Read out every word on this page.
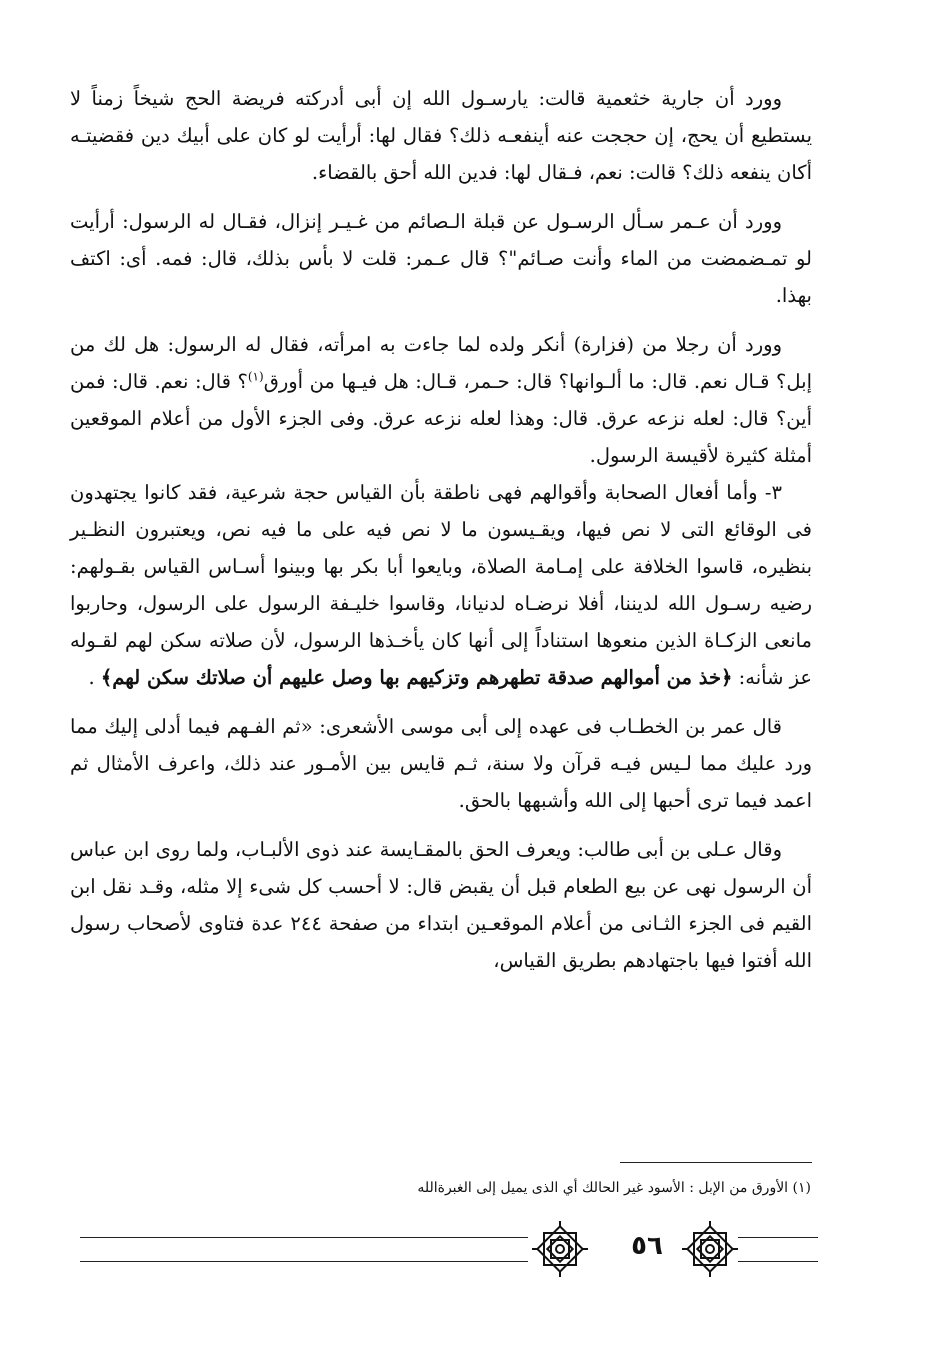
وورد أن جارية خثعمية قالت: يارسـول الله إن أبى أدركته فريضة الحج شيخاً زمناً لا يستطيع أن يحج، إن حججت عنه أينفعـه ذلك؟ فقال لها: أرأيت لو كان على أبيك دين فقضيتـه أكان ينفعه ذلك؟ قالت: نعم، فـقال لها: فدين الله أحق بالقضاء.

وورد أن عـمر سـأل الرسـول عن قبلة الـصائم من غـيـر إنزال، فقـال له الرسول: أرأيت لو تمـضمضت من الماء وأنت صـائم"؟ قال عـمر: قلت لا بأس بذلك، قال: فمه. أى: اكتف بهذا.

وورد أن رجلا من (فزارة) أنكر ولده لما جاءت به امرأته، فقال له الرسول: هل لك من إبل؟ قـال نعم. قال: ما ألـوانها؟ قال: حـمر، قـال: هل فيـها من أورق$^{(١)}$؟ قال: نعم. قال: فمن أين؟ قال: لعله نزعه عرق. قال: وهذا لعله نزعه عرق. وفى الجزء الأول من أعلام الموقعين أمثلة كثيرة لأقيسة الرسول.

٣- وأما أفعال الصحابة وأقوالهم فهى ناطقة بأن القياس حجة شرعية، فقد كانوا يجتهدون فى الوقائع التى لا نص فيها، ويقـيسون ما لا نص فيه على ما فيه نص، ويعتبرون النظـير بنظيره، قاسوا الخلافة على إمـامة الصلاة، وبايعوا أبا بكر بها وبينوا أسـاس القياس بقـولهم: رضيه رسـول الله لديننا، أفلا نرضـاه لدنيانا، وقاسوا خليـفة الرسول على الرسول، وحاربوا مانعى الزكـاة الذين منعوها استناداً إلى أنها كان يأخـذها الرسول، لأن صلاته سكن لهم لقـوله عز شأنه: ﴿خذ من أموالهم صدقة تطهرهم وتزكيهم بها وصل عليهم أن صلاتك سكن لهم﴾ .

قال عمر بن الخطـاب فى عهده إلى أبى موسى الأشعرى: «ثم الفـهم فيما أدلى إليك مما ورد عليك مما لـيس فيـه قرآن ولا سنة، ثـم قايس بين الأمـور عند ذلك، واعرف الأمثال ثم اعمد فيما ترى أحبها إلى الله وأشبهها بالحق.

وقال عـلى بن أبى طالب: ويعرف الحق بالمقـايسة عند ذوى الألبـاب، ولما روى ابن عباس أن الرسول نهى عن بيع الطعام قبل أن يقبض قال: لا أحسب كل شىء إلا مثله، وقـد نقل ابن القيم فى الجزء الثـانى من أعلام الموقعـين ابتداء من صفحة ٢٤٤ عدة فتاوى لأصحاب رسول الله أفتوا فيها باجتهادهم بطريق القياس،

(١) الأورق من الإبل : الأسود غير الحالك أي الذى يميل إلى الغبرةالله
٥٦
